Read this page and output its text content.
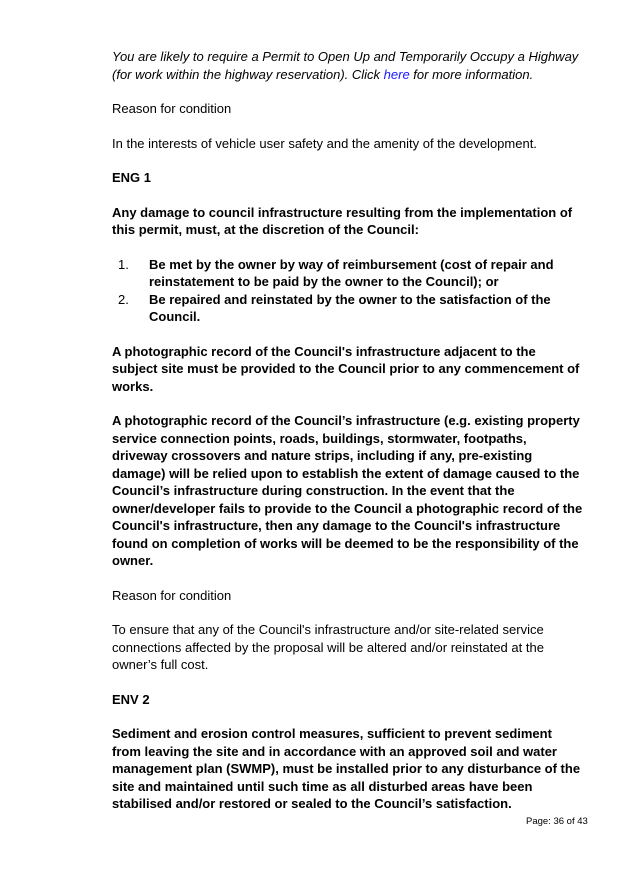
You are likely to require a Permit to Open Up and Temporarily Occupy a Highway (for work within the highway reservation). Click here for more information.

Reason for condition

In the interests of vehicle user safety and the amenity of the development.

ENG 1

Any damage to council infrastructure resulting from the implementation of this permit, must, at the discretion of the Council:

1. Be met by the owner by way of reimbursement (cost of repair and reinstatement to be paid by the owner to the Council); or
2. Be repaired and reinstated by the owner to the satisfaction of the Council.

A photographic record of the Council's infrastructure adjacent to the subject site must be provided to the Council prior to any commencement of works.

A photographic record of the Council’s infrastructure (e.g. existing property service connection points, roads, buildings, stormwater, footpaths, driveway crossovers and nature strips, including if any, pre-existing damage) will be relied upon to establish the extent of damage caused to the Council’s infrastructure during construction. In the event that the owner/developer fails to provide to the Council a photographic record of the Council's infrastructure, then any damage to the Council's infrastructure found on completion of works will be deemed to be the responsibility of the owner.

Reason for condition

To ensure that any of the Council's infrastructure and/or site-related service connections affected by the proposal will be altered and/or reinstated at the owner’s full cost.

ENV 2

Sediment and erosion control measures, sufficient to prevent sediment from leaving the site and in accordance with an approved soil and water management plan (SWMP), must be installed prior to any disturbance of the site and maintained until such time as all disturbed areas have been stabilised and/or restored or sealed to the Council’s satisfaction.

Page: 36 of 43
